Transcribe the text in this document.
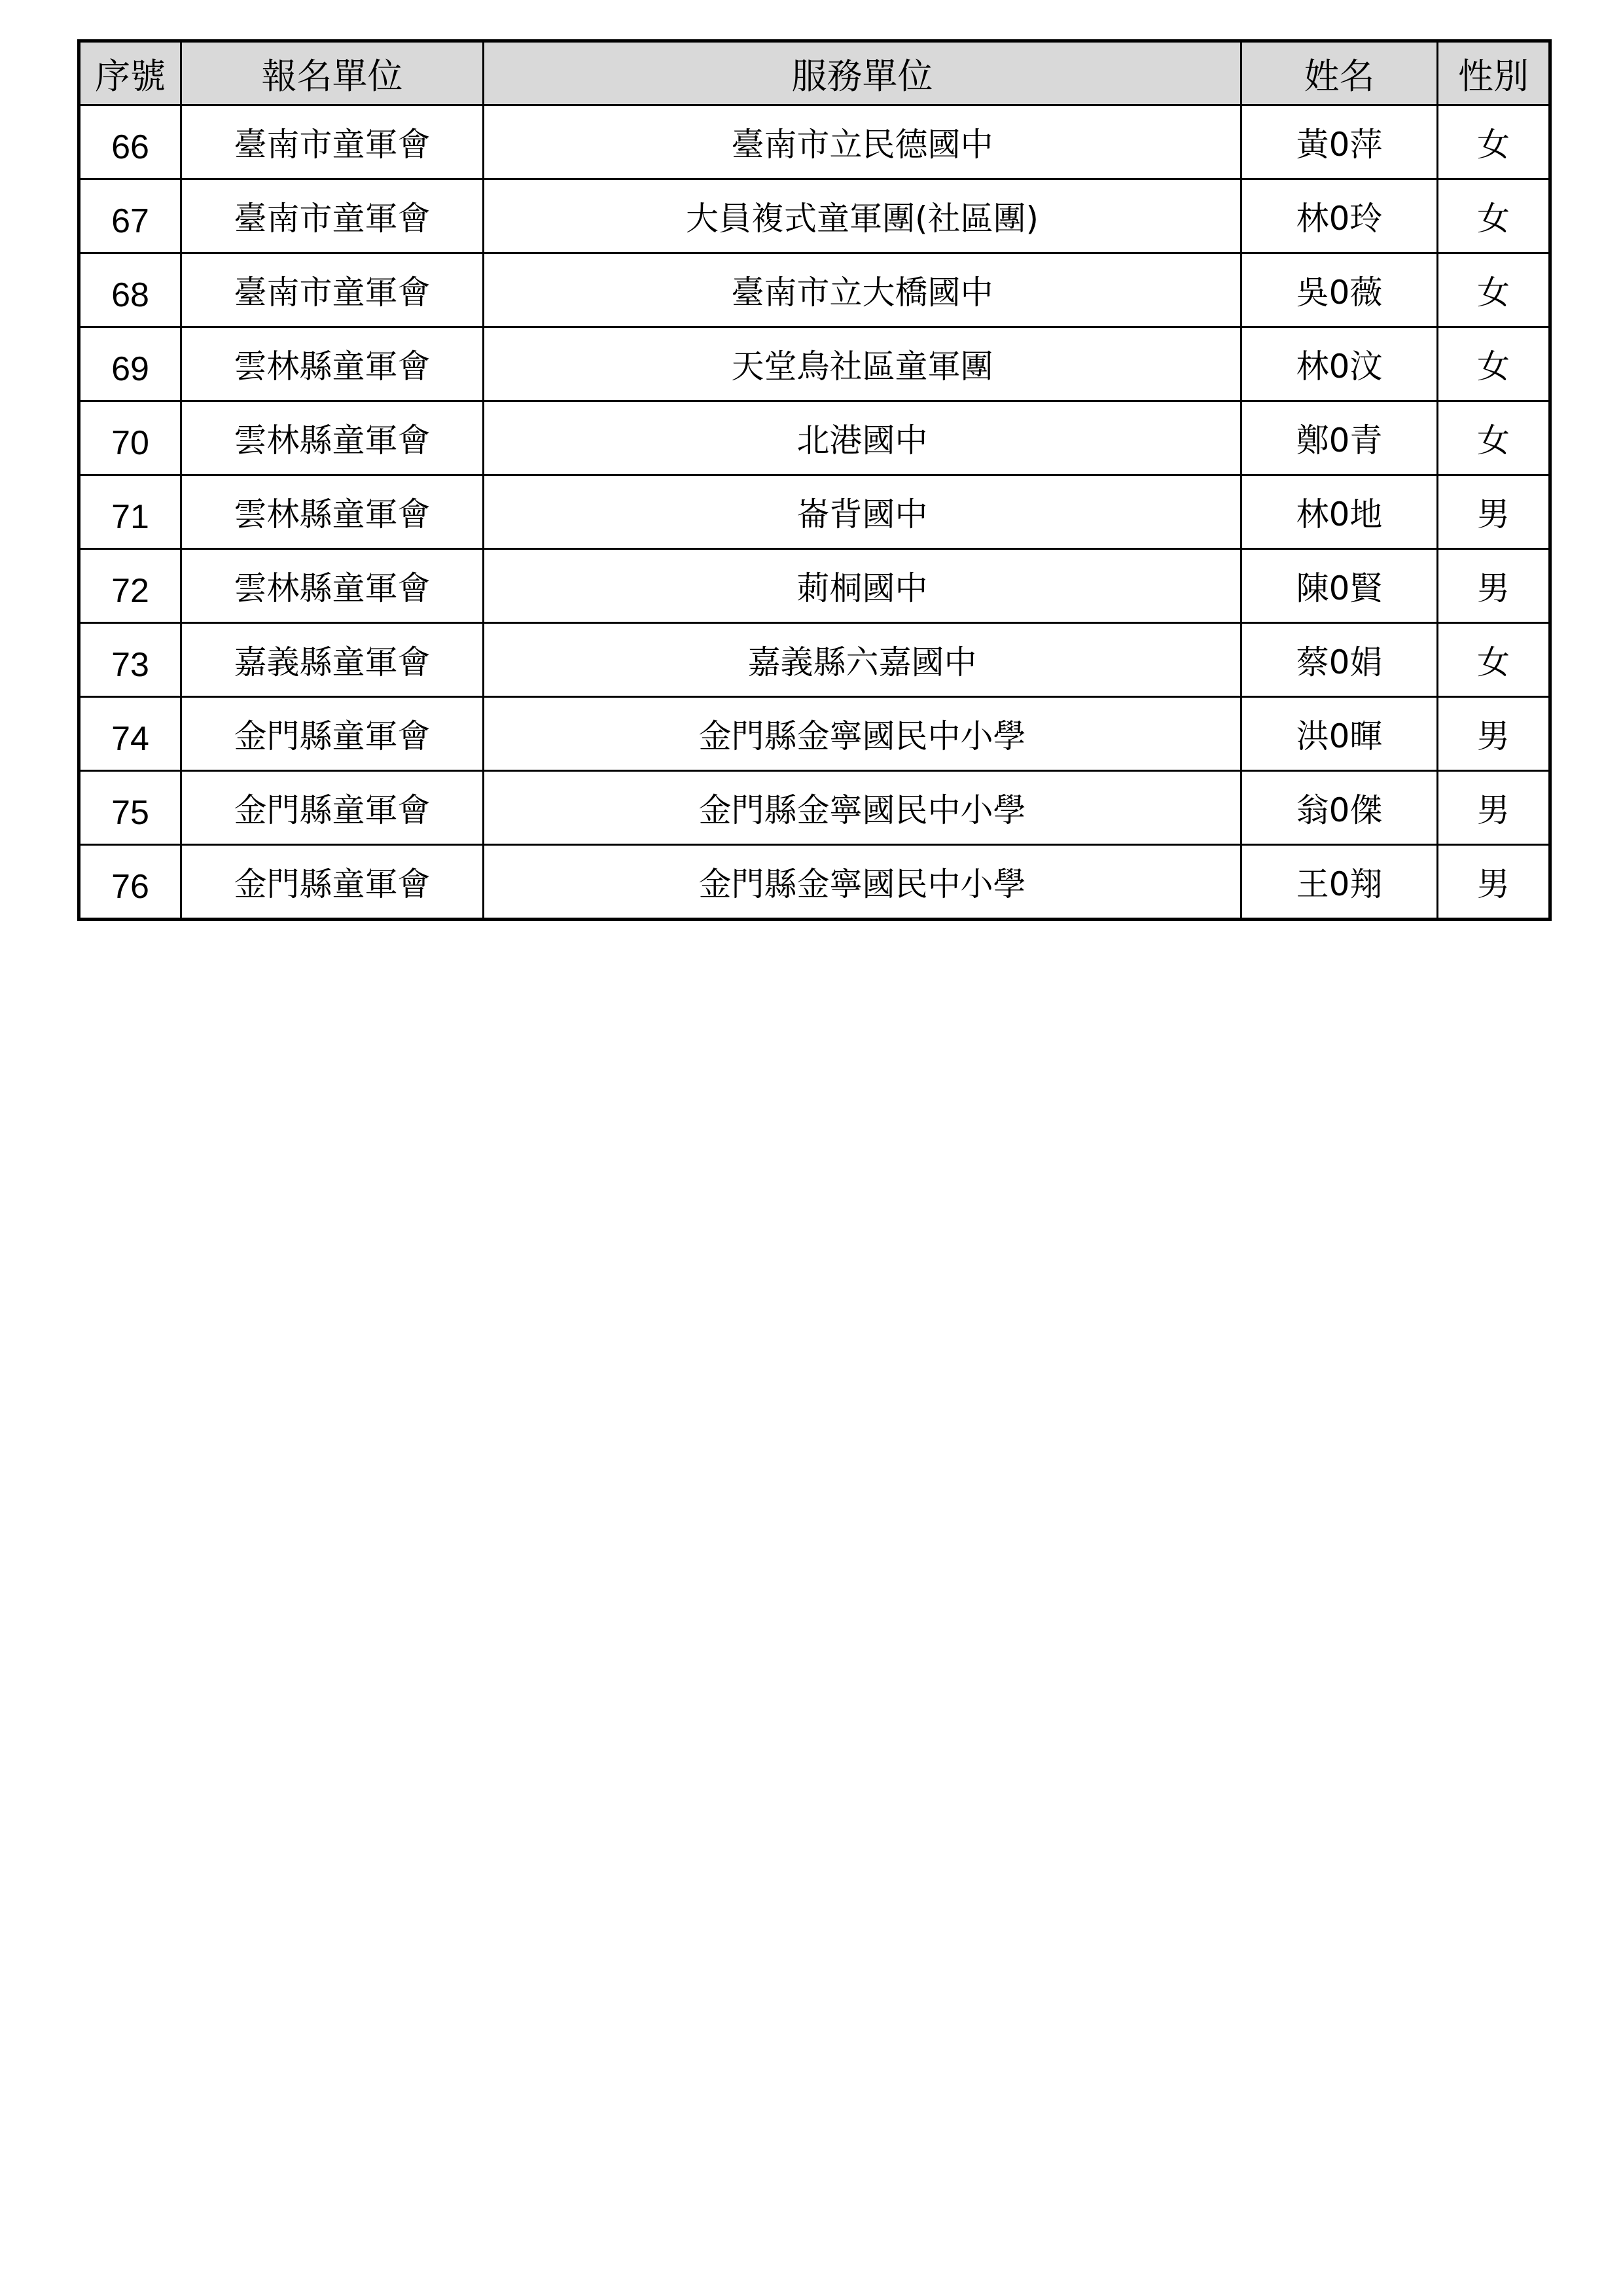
序號	報名單位	服務單位	姓名	性別
66	臺南市童軍會	臺南市立民德國中	黃0萍	女
67	臺南市童軍會	大員複式童軍團(社區團)	林0玲	女
68	臺南市童軍會	臺南市立大橋國中	吳0薇	女
69	雲林縣童軍會	天堂鳥社區童軍團	林0汶	女
70	雲林縣童軍會	北港國中	鄭0青	女
71	雲林縣童軍會	崙背國中	林0地	男
72	雲林縣童軍會	莿桐國中	陳0賢	男
73	嘉義縣童軍會	嘉義縣六嘉國中	蔡0娟	女
74	金門縣童軍會	金門縣金寧國民中小學	洪0暉	男
75	金門縣童軍會	金門縣金寧國民中小學	翁0傑	男
76	金門縣童軍會	金門縣金寧國民中小學	王0翔	男
